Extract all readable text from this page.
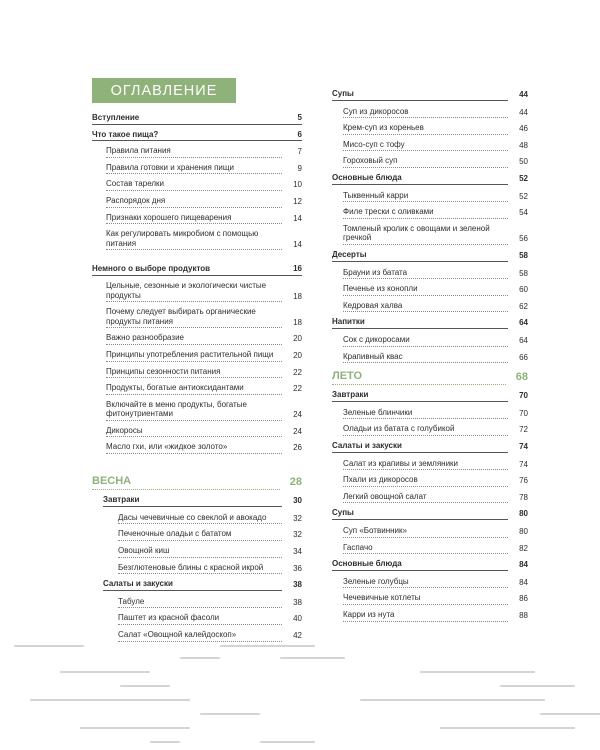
ОГЛАВЛЕНИЕ
Вступление	5
Что такое пища?	6
Правила питания	7
Правила готовки и хранения пищи	9
Состав тарелки	10
Распорядок дня	12
Признаки хорошего пищеварения	14
Как регулировать микробиом с помощью питания	14
Немного о выборе продуктов	16
Цельные, сезонные и экологически чистые продукты	18
Почему следует выбирать органические продукты питания	18
Важно разнообразие	20
Принципы употребления растительной пищи	20
Принципы сезонности питания	22
Продукты, богатые антиоксидантами	22
Включайте в меню продукты, богатые фитонутриентами	24
Дикоросы	24
Масло гхи, или «жидкое золото»	26
ВЕСНА	28
Завтраки	30
Дасы чечевичные со свеклой и авокадо	32
Печеночные оладьи с бататом	32
Овощной киш	34
Безглютеновые блины с красной икрой	36
Салаты и закуски	38
Табуле	38
Паштет из красной фасоли	40
Салат «Овощной калейдоскоп»	42
Супы	44
Суп из дикоросов	44
Крем-суп из кореньев	46
Мисо-суп с тофу	48
Гороховый суп	50
Основные блюда	52
Тыквенный карри	52
Филе трески с оливками	54
Томленый кролик с овощами и зеленой гречкой	56
Десерты	58
Брауни из батата	58
Печенье из конопли	60
Кедровая халва	62
Напитки	64
Сок с дикоросами	64
Крапивный квас	66
ЛЕТО	68
Завтраки	70
Зеленые блинчики	70
Оладьи из батата с голубикой	72
Салаты и закуски	74
Салат из крапивы и земляники	74
Пхали из дикоросов	76
Легкий овощной салат	78
Супы	80
Суп «Ботвинник»	80
Гаспачо	82
Основные блюда	84
Зеленые голубцы	84
Чечевичные котлеты	86
Карри из нута	88
